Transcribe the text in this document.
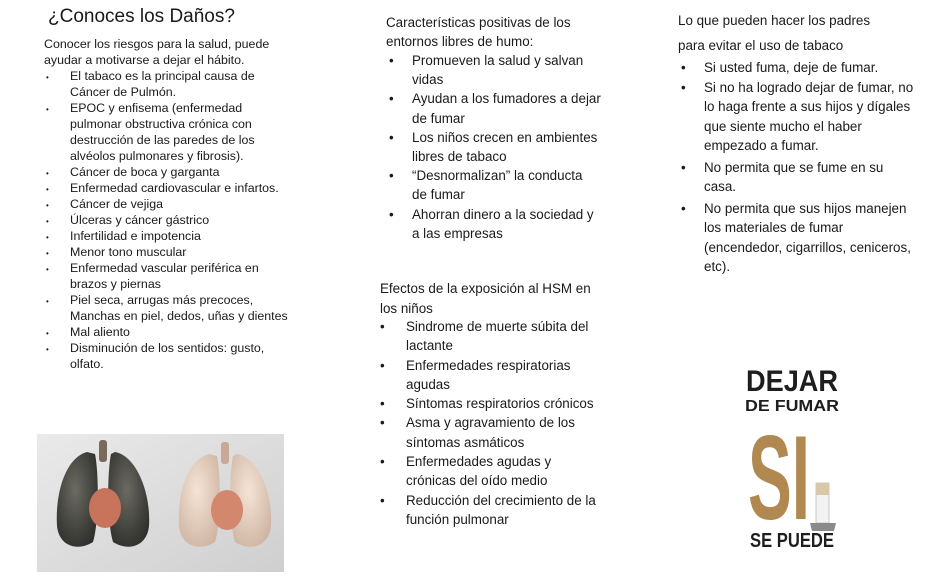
¿Conoces los Daños?
Conocer los riesgos para la salud, puede ayudar a motivarse a dejar el hábito.
• El tabaco es la principal causa de Cáncer de Pulmón.
• EPOC y enfisema (enfermedad pulmonar obstructiva crónica con destrucción de las paredes de los alvéolos pulmonares y fibrosis).
• Cáncer de boca y garganta
• Enfermedad cardiovascular e infartos.
• Cáncer de vejiga
• Úlceras y cáncer gástrico
• Infertilidad e impotencia
• Menor tono muscular
• Enfermedad vascular periférica en brazos y piernas
• Piel seca, arrugas más precoces, Manchas en piel, dedos, uñas y dientes
• Mal aliento
• Disminución de los sentidos: gusto, olfato.
Características positivas de los entornos libres de humo:
• Promueven la salud y salvan vidas
• Ayudan a los fumadores a dejar de fumar
• Los niños crecen en ambientes libres de tabaco
• “Desnormalizan” la conducta de fumar
• Ahorran dinero a la sociedad y a las empresas
Efectos de la exposición al HSM en los niños
• Sindrome de muerte súbita del lactante
• Enfermedades respiratorias agudas
• Síntomas respiratorios crónicos
• Asma y agravamiento de los síntomas asmáticos
• Enfermedades agudas y crónicas del oído medio
• Reducción del crecimiento de la función pulmonar
Lo que pueden hacer los padres
para evitar el uso de tabaco
• Si usted fuma, deje de fumar.
• Si no ha logrado dejar de fumar, no lo haga frente a sus hijos y dígales que siente mucho el haber empezado a fumar.
• No permita que se fume en su casa.
• No permita que sus hijos manejen los materiales de fumar (encendedor, cigarrillos, ceniceros, etc).
DEJAR
DE FUMAR
SI
SE PUEDE
